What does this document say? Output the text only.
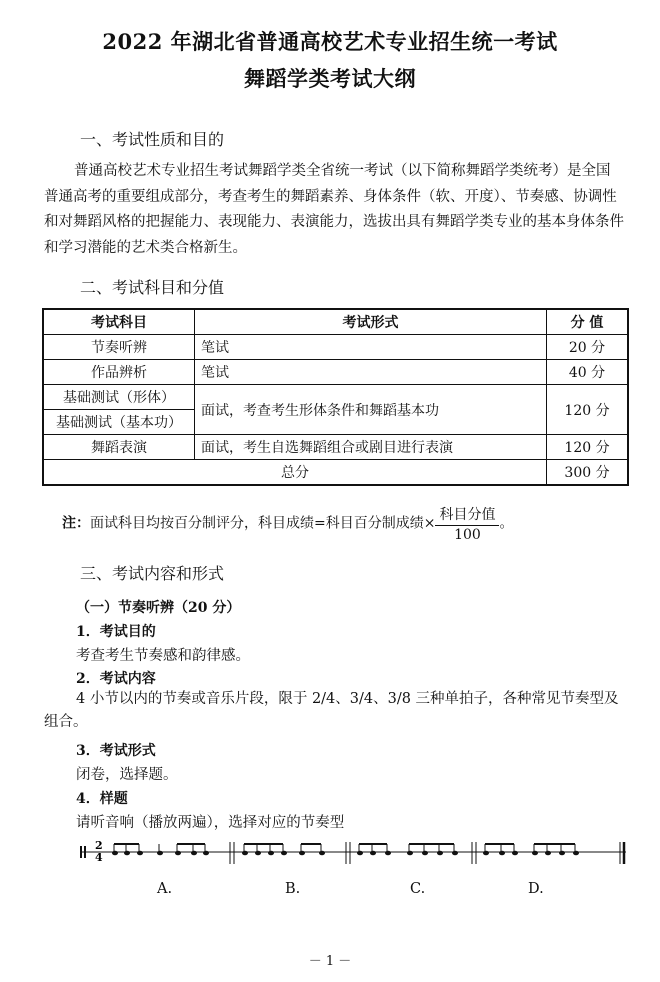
2022 年湖北省普通高校艺术专业招生统一考试
舞蹈学类考试大纲
一、考试性质和目的
普通高校艺术专业招生考试舞蹈学类全省统一考试（以下简称舞蹈学类统考）是全国普通高考的重要组成部分，考查考生的舞蹈素养、身体条件（软、开度）、节奏感、协调性和对舞蹈风格的把握能力、表现能力、表演能力，选拔出具有舞蹈学类专业的基本身体条件和学习潜能的艺术类合格新生。
二、考试科目和分值
考试科目	考试形式	分 值
节奏听辨	笔试	20 分
作品辨析	笔试	40 分
基础测试（形体）	面试，考查考生形体条件和舞蹈基本功	120 分
基础测试（基本功）		
舞蹈表演	面试，考生自选舞蹈组合或剧目进行表演	120 分
总分		300 分
注：面试科目均按百分制评分，科目成绩=科目百分制成绩× $\frac{\text{科目分值}}{100}$ 。
三、考试内容和形式
（一）节奏听辨（20 分）
1．考试目的
考查考生节奏感和韵律感。
2．考试内容
4 小节以内的节奏或音乐片段，限于 2/4、3/4、3/8 三种单拍子，各种常见节奏型及组合。
3．考试形式
闭卷，选择题。
4．样题
请听音响（播放两遍），选择对应的节奏型
2
4
A.	B.	C.	D.
－ 1 －
